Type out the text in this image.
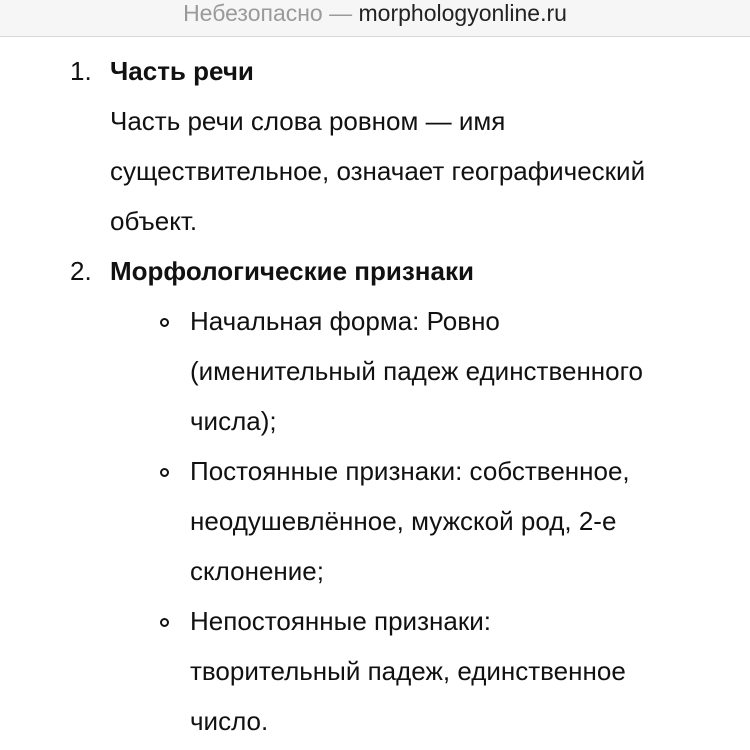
Небезопасно — morphologyonline.ru
1. Часть речи
Часть речи слова ровном — имя
существительное, означает географический
объект.
2. Морфологические признаки
Начальная форма: Ровно
(именительный падеж единственного
числа);
Постоянные признаки: собственное,
неодушевлённое, мужской род, 2-е
склонение;
Непостоянные признаки:
творительный падеж, единственное
число.
